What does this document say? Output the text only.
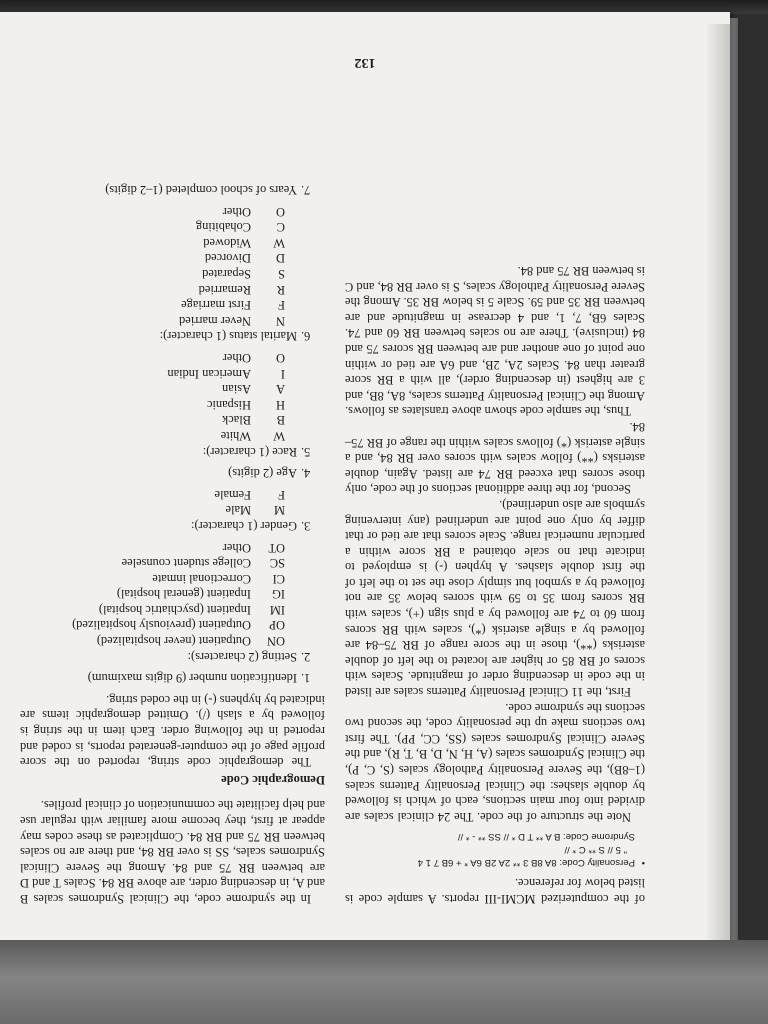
of the computerized MCMI-III reports. A sample code is listed below for reference.

•Personality Code: 8A 8B 3 ** 2A 2B 6A * + 6B 7 1 4
" 5 // S ** C * //
Syndrome Code: B A ** T D * // SS ** - * //

Note the structure of the code. The 24 clinical scales are divided into four main sections, each of which is followed by double slashes: the Clinical Personality Patterns scales (1–8B), the Severe Personality Pathology scales (S, C, P), the Clinical Syndromes scales (A, H, N, D, B, T, R), and the Severe Clinical Syndromes scales (SS, CC, PP). The first two sections make up the personality code, the second two sections the syndrome code.

First, the 11 Clinical Personality Patterns scales are listed in the code in descending order of magnitude. Scales with scores of BR 85 or higher are located to the left of double asterisks (**), those in the score range of BR 75–84 are followed by a single asterisk (*), scales with BR scores from 60 to 74 are followed by a plus sign (+), scales with BR scores from 35 to 59 with scores below 35 are not followed by a symbol but simply close the set to the left of the first double slashes. A hyphen (-) is employed to indicate that no scale obtained a BR score within a particular numerical range. Scale scores that are tied or that differ by only one point are underlined (any intervening symbols are also underlined).

Second, for the three additional sections of the code, only those scores that exceed BR 74 are listed. Again, double asterisks (**) follow scales with scores over BR 84, and a single asterisk (*) follows scales within the range of BR 75–84.

Thus, the sample code shown above translates as follows. Among the Clinical Personality Patterns scales, 8A, 8B, and 3 are highest (in descending order), all with a BR score greater than 84. Scales 2A, 2B, and 6A are tied or within one point of one another and are between BR scores 75 and 84 (inclusive). There are no scales between BR 60 and 74. Scales 6B, 7, 1, and 4 decrease in magnitude and are between BR 35 and 59. Scale 5 is below BR 35. Among the Severe Personality Pathology scales, S is over BR 84, and C is between BR 75 and 84.

In the syndrome code, the Clinical Syndromes scales B and A, in descending order, are above BR 84. Scales T and D are between BR 75 and 84. Among the Severe Clinical Syndromes scales, SS is over BR 84, and there are no scales between BR 75 and BR 84. Complicated as these codes may appear at first, they become more familiar with regular use and help facilitate the communication of clinical profiles.
Demographic Code
The demographic code string, reported on the score profile page of the computer-generated reports, is coded and reported in the following order. Each item in the string is followed by a slash (/). Omitted demographic items are indicated by hyphens (-) in the coded string.
1.
Identification number (9 digits maximum)
2.
Setting (2 characters):
ON
Outpatient (never hospitalized)
OP
Outpatient (previously hospitalized)
IM
Inpatient (psychiatric hospital)
IG
Inpatient (general hospital)
CI
Correctional inmate
SC
College student counselee
OT
Other
3.
Gender (1 character):
M
Male
F
Female
4.
Age (2 digits)
5.
Race (1 character):
W
White
B
Black
H
Hispanic
A
Asian
I
American Indian
O
Other
6.
Marital status (1 character):
N
Never married
F
First marriage
R
Remarried
S
Separated
D
Divorced
W
Widowed
C
Cohabiting
O
Other
7.
Years of school completed (1–2 digits)
132
